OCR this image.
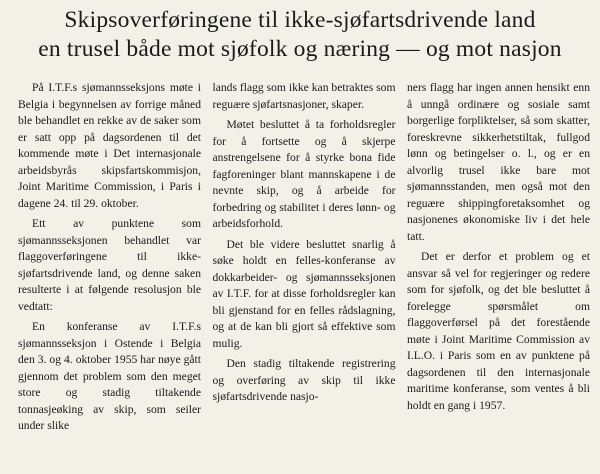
Skipsoverføringene til ikke-sjøfartsdrivende land
en trusel både mot sjøfolk og næring — og mot nasjon

På I.T.F.s sjømannsseksjons møte i Belgia i begynnelsen av forrige måned ble behandlet en rekke av de saker som er satt opp på dagsordenen til det kommende møte i Det internasjonale arbeidsbyrås skipsfartskommisjon, Joint Maritime Commission, i Paris i dagene 24. til 29. oktober.

Ett av punktene som sjømannsseksjonen behandlet var flaggoverføringene til ikke-sjøfartsdrivende land, og denne saken resulterte i at følgende resolusjon ble vedtatt:

En konferanse av I.T.F.s sjømannsseksjon i Ostende i Belgia den 3. og 4. oktober 1955 har nøye gått gjennom det problem som den meget store og stadig tiltakende tonnasjeøking av skip, som seiler under slike

lands flagg som ikke kan betraktes som reguære sjøfartsnasjoner, skaper.

Møtet besluttet å ta forholdsregler for å fortsette og å skjerpe anstrengelsene for å styrke bona fide fagforeninger blant mannskapene i de nevnte skip, og å arbeide for forbedring og stabilitet i deres lønn- og arbeidsforhold.

Det ble videre besluttet snarlig å søke holdt en felles-konferanse av dokkarbeider- og sjømannsseksjonen av I.T.F. for at disse forholdsregler kan bli gjenstand for en felles rådslagning, og at de kan bli gjort så effektive som mulig.

Den stadig tiltakende registrering og overføring av skip til ikke sjøfartsdrivende nasjo-

ners flagg har ingen annen hensikt enn å unngå ordinære og sosiale samt borgerlige forpliktelser, så som skatter, foreskrevne sikkerhetstiltak, fullgod lønn og betingelser o. l., og er en alvorlig trusel ikke bare mot sjømannsstanden, men også mot den reguære shippingforetaksomhet og nasjonenes økonomiske liv i det hele tatt.

Det er derfor et problem og et ansvar så vel for regjeringer og redere som for sjøfolk, og det ble besluttet å forelegge spørsmålet om flaggoverførsel på det forestående møte i Joint Maritime Commission av I.L.O. i Paris som en av punktene på dagsordenen til den internasjonale maritime konferanse, som ventes å bli holdt en gang i 1957.
